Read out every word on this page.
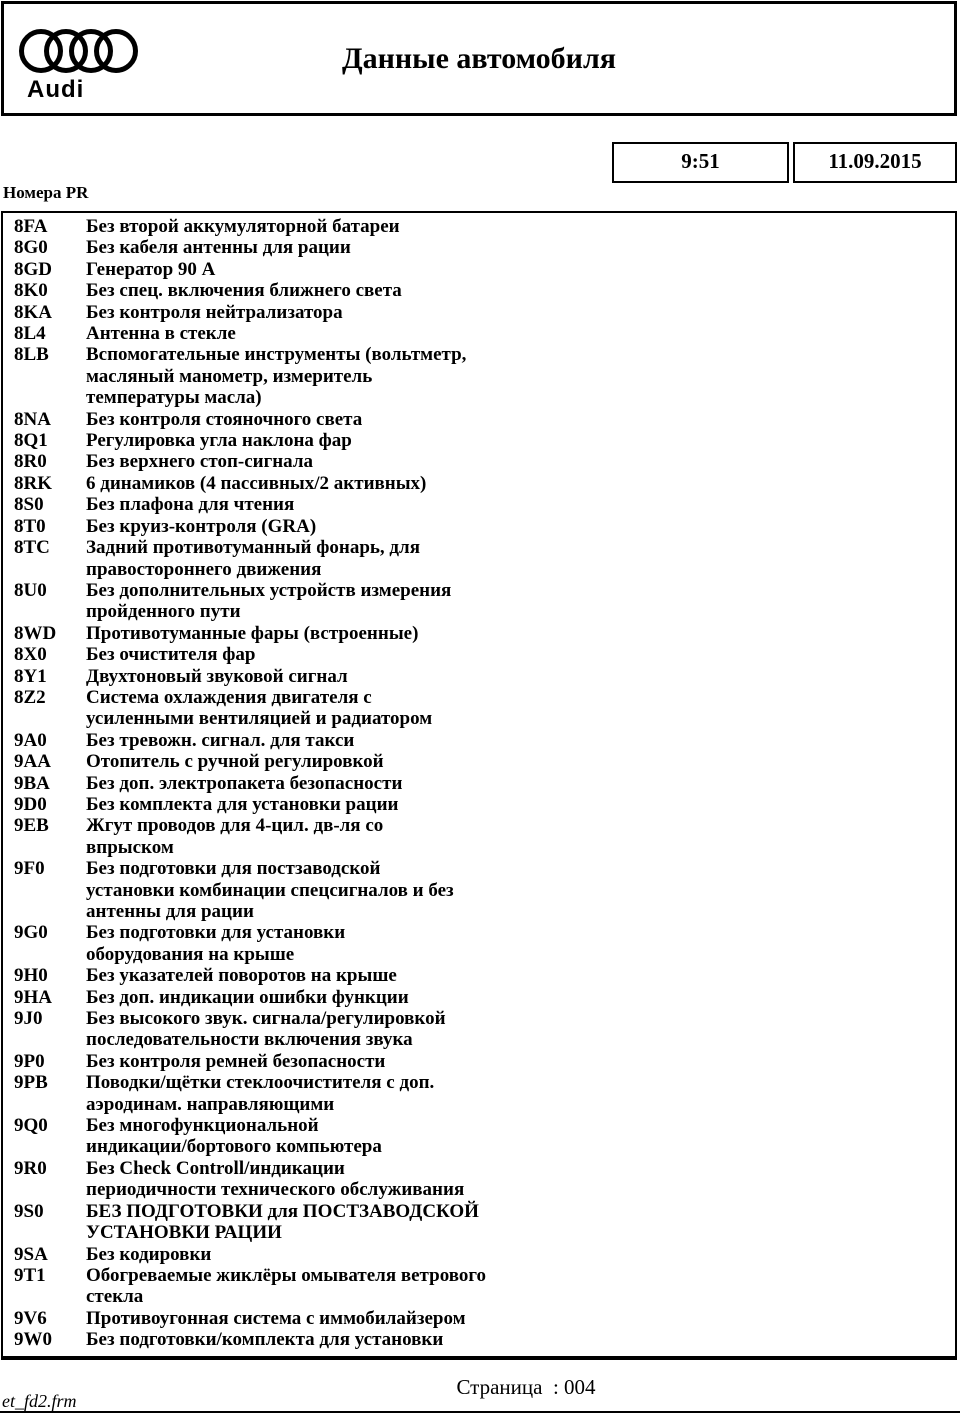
Audi
Данные автомобиля
9:51	11.09.2015
Номера PR
8FA	Без второй аккумуляторной батареи
8G0	Без кабеля антенны для рации
8GD	Генератор 90 А
8K0	Без спец. включения ближнего света
8KA	Без контроля нейтрализатора
8L4	Антенна в стекле
8LB	Вспомогательные инструменты (вольтметр,
масляный манометр, измеритель
температуры масла)
8NA	Без контроля стояночного света
8Q1	Регулировка угла наклона фар
8R0	Без верхнего стоп-сигнала
8RK	6 динамиков (4 пассивных/2 активных)
8S0	Без плафона для чтения
8T0	Без круиз-контроля (GRA)
8TC	Задний противотуманный фонарь, для
правостороннего движения
8U0	Без дополнительных устройств измерения
пройденного пути
8WD	Противотуманные фары (встроенные)
8X0	Без очистителя фар
8Y1	Двухтоновый звуковой сигнал
8Z2	Система охлаждения двигателя с
усиленными вентиляцией и радиатором
9A0	Без тревожн. сигнал. для такси
9AA	Отопитель с ручной регулировкой
9BA	Без доп. электропакета безопасности
9D0	Без комплекта для установки рации
9EB	Жгут проводов для 4-цил. дв-ля со
впрыском
9F0	Без подготовки для постзаводской
установки комбинации спецсигналов и без
антенны для рации
9G0	Без подготовки для установки
оборудования на крыше
9H0	Без указателей поворотов на крыше
9HA	Без доп. индикации ошибки функции
9J0	Без высокого звук. сигнала/регулировкой
последовательности включения звука
9P0	Без контроля ремней безопасности
9PB	Поводки/щётки стеклоочистителя с доп.
аэродинам. направляющими
9Q0	Без многофункциональной
индикации/бортового компьютера
9R0	Без Check Controll/индикации
периодичности технического обслуживания
9S0	БЕЗ ПОДГОТОВКИ для ПОСТЗАВОДСКОЙ
УСТАНОВКИ РАЦИИ
9SA	Без кодировки
9T1	Обогреваемые жиклёры омывателя ветрового
стекла
9V6	Противоугонная система с иммобилайзером
9W0	Без подготовки/комплекта для установки
Страница  : 004
et_fd2.frm
